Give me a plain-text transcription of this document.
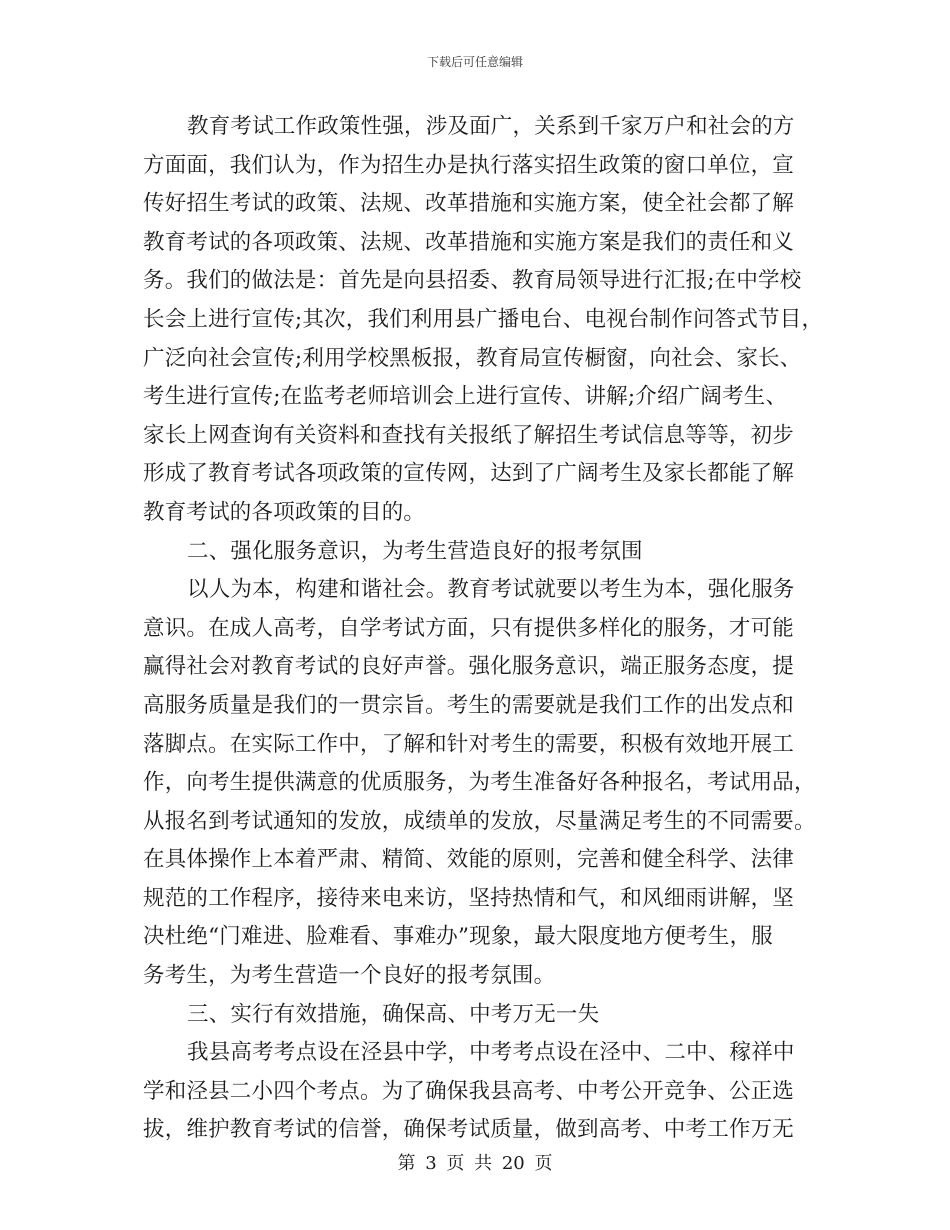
下载后可任意编辑
教育考试工作政策性强，涉及面广，关系到千家万户和社会的方
方面面，我们认为，作为招生办是执行落实招生政策的窗口单位，宣
传好招生考试的政策、法规、改革措施和实施方案，使全社会都了解
教育考试的各项政策、法规、改革措施和实施方案是我们的责任和义
务。我们的做法是：首先是向县招委、教育局领导进行汇报;在中学校
长会上进行宣传;其次，我们利用县广播电台、电视台制作问答式节目，
广泛向社会宣传;利用学校黑板报，教育局宣传橱窗，向社会、家长、
考生进行宣传;在监考老师培训会上进行宣传、讲解;介绍广阔考生、
家长上网查询有关资料和查找有关报纸了解招生考试信息等等，初步
形成了教育考试各项政策的宣传网，达到了广阔考生及家长都能了解
教育考试的各项政策的目的。
二、强化服务意识，为考生营造良好的报考氛围
以人为本，构建和谐社会。教育考试就要以考生为本，强化服务
意识。在成人高考，自学考试方面，只有提供多样化的服务，才可能
赢得社会对教育考试的良好声誉。强化服务意识，端正服务态度，提
高服务质量是我们的一贯宗旨。考生的需要就是我们工作的出发点和
落脚点。在实际工作中，了解和针对考生的需要，积极有效地开展工
作，向考生提供满意的优质服务，为考生准备好各种报名，考试用品，
从报名到考试通知的发放，成绩单的发放，尽量满足考生的不同需要。
在具体操作上本着严肃、精简、效能的原则，完善和健全科学、法律
规范的工作程序，接待来电来访，坚持热情和气，和风细雨讲解，坚
决杜绝“门难进、脸难看、事难办”现象，最大限度地方便考生，服
务考生，为考生营造一个良好的报考氛围。
三、实行有效措施，确保高、中考万无一失
我县高考考点设在泾县中学，中考考点设在泾中、二中、稼祥中
学和泾县二小四个考点。为了确保我县高考、中考公开竞争、公正选
拔，维护教育考试的信誉，确保考试质量，做到高考、中考工作万无
第 3 页 共 20 页
